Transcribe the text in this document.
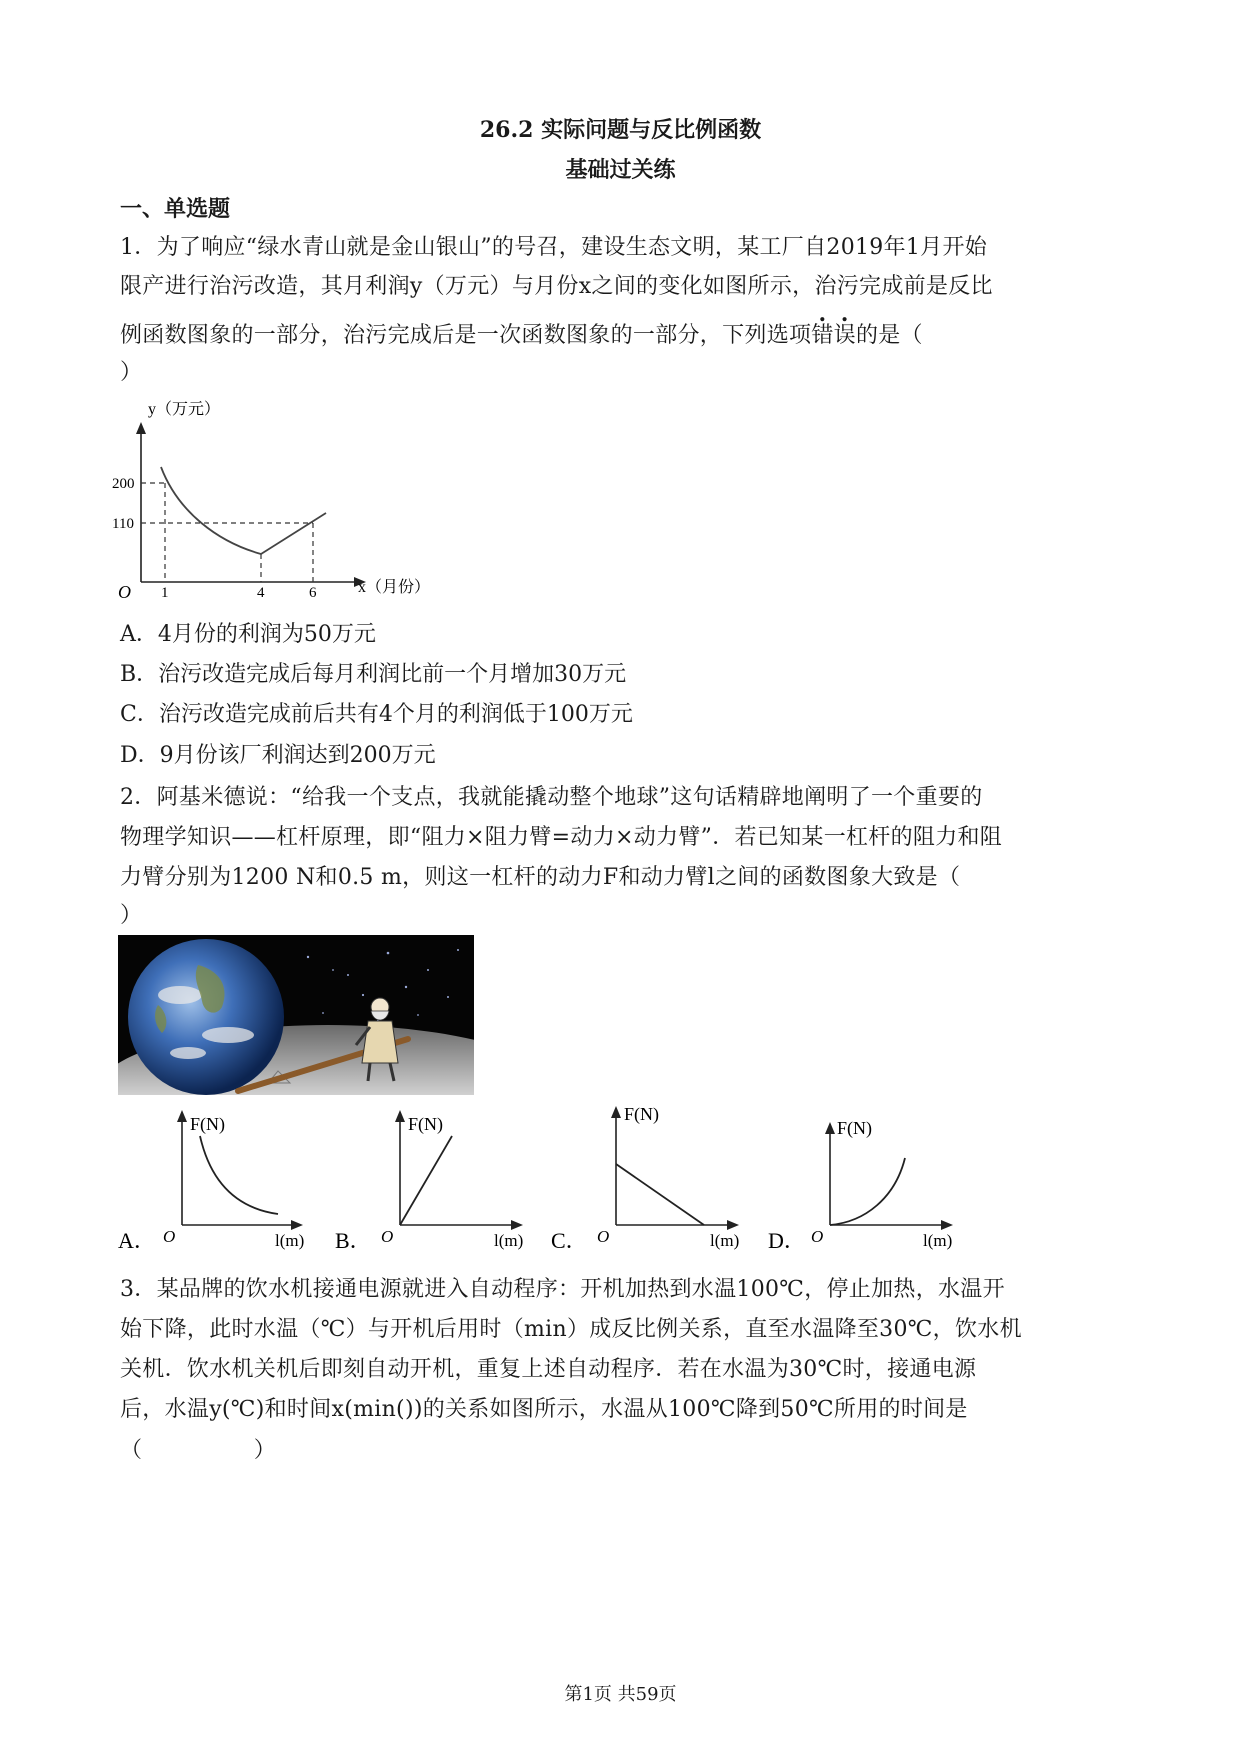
26.2 实际问题与反比例函数
基础过关练
一、单选题
1．为了响应“绿水青山就是金山银山”的号召，建设生态文明，某工厂自2019年1月开始
限产进行治污改造，其月利润y（万元）与月份x之间的变化如图所示，治污完成前是反比
例函数图象的一部分，治污完成后是一次函数图象的一部分，下列选项错误的是（
）
y（万元）
x（月份）
O
200
110
1	4	6
A．4月份的利润为50万元
B．治污改造完成后每月利润比前一个月增加30万元
C．治污改造完成前后共有4个月的利润低于100万元
D．9月份该厂利润达到200万元
2．阿基米德说：“给我一个支点，我就能撬动整个地球”这句话精辟地阐明了一个重要的
物理学知识——杠杆原理，即“阻力×阻力臂=动力×动力臂”．若已知某一杠杆的阻力和阻
力臂分别为1200 N和0.5 m，则这一杠杆的动力F和动力臂l之间的函数图象大致是（
）
A．
F(N)
l(m)
O	B．
F(N)
l(m)
O	C．
F(N)
l(m)
O	D．
F(N)
l(m)
O
3．某品牌的饮水机接通电源就进入自动程序：开机加热到水温100℃，停止加热，水温开
始下降，此时水温（℃）与开机后用时（min）成反比例关系，直至水温降至30℃，饮水机
关机．饮水机关机后即刻自动开机，重复上述自动程序．若在水温为30℃时，接通电源
后，水温y(℃)和时间x(min())的关系如图所示，水温从100℃降到50℃所用的时间是
（　　　　　）
第1页 共59页
